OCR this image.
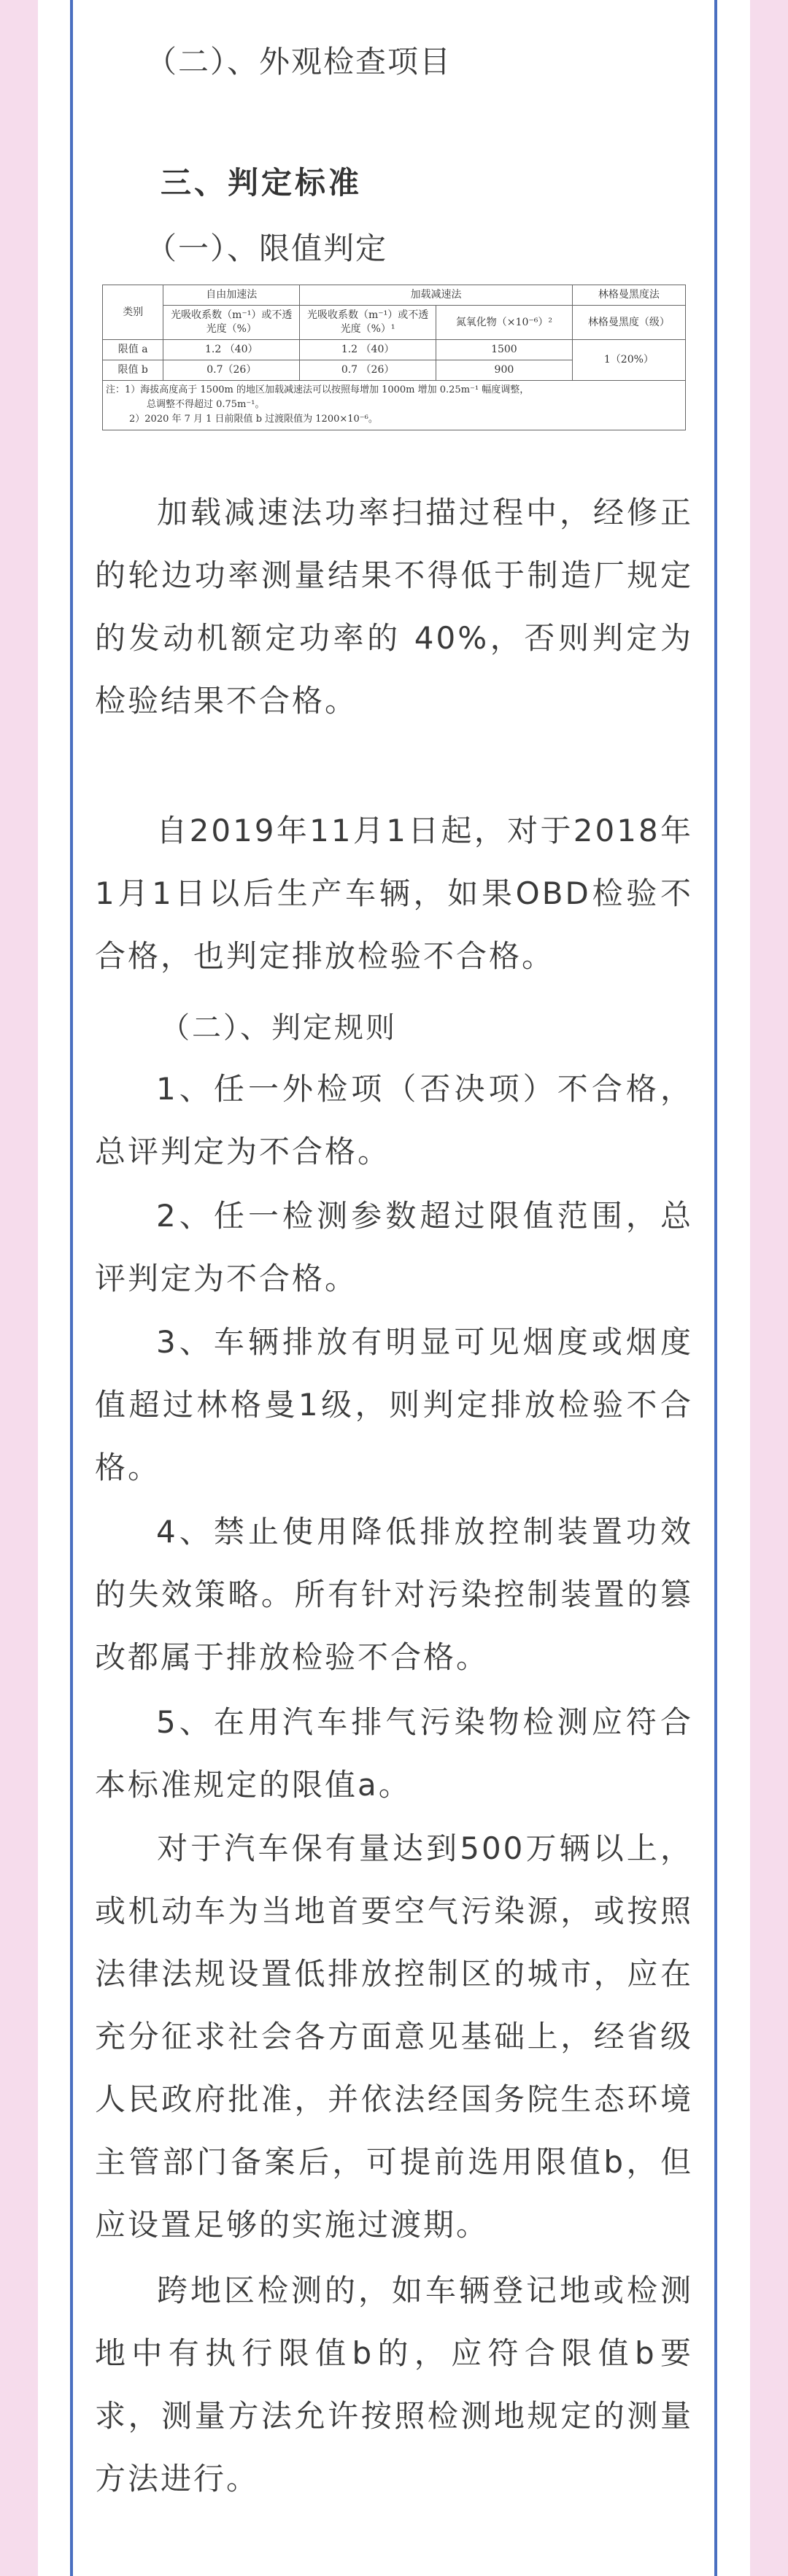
（二）、外观检查项目
三、判定标准
（一）、限值判定
类别	自由加速法	加载减速法		林格曼黑度法
	光吸收系数（m⁻¹）或不透光度（%）	光吸收系数（m⁻¹）或不透光度（%）¹	氮氧化物（×10⁻⁶）²	林格曼黑度（级）
限值 a	1.2 （40）	1.2 （40）	1500	1（20%）
限值 b	0.7（26）	0.7 （26）	900	
注：1）海拔高度高于 1500m 的地区加载减速法可以按照每增加 1000m 增加 0.25m⁻¹ 幅度调整，
总调整不得超过 0.75m⁻¹。
2）2020 年 7 月 1 日前限值 b 过渡限值为 1200×10⁻⁶。
加载减速法功率扫描过程中，经修正的轮边功率测量结果不得低于制造厂规定的发动机额定功率的 40%，否则判定为检验结果不合格。
自2019年11月1日起，对于2018年1月1日以后生产车辆，如果OBD检验不合格，也判定排放检验不合格。
（二）、判定规则
1、任一外检项（否决项）不合格，总评判定为不合格。
2、任一检测参数超过限值范围，总评判定为不合格。
3、车辆排放有明显可见烟度或烟度值超过林格曼1级，则判定排放检验不合格。
4、禁止使用降低排放控制装置功效的失效策略。所有针对污染控制装置的篡改都属于排放检验不合格。
5、在用汽车排气污染物检测应符合本标准规定的限值a。
对于汽车保有量达到500万辆以上，或机动车为当地首要空气污染源，或按照法律法规设置低排放控制区的城市，应在充分征求社会各方面意见基础上，经省级人民政府批准，并依法经国务院生态环境主管部门备案后，可提前选用限值b，但应设置足够的实施过渡期。
跨地区检测的，如车辆登记地或检测地中有执行限值b的，应符合限值b要求，测量方法允许按照检测地规定的测量方法进行。
